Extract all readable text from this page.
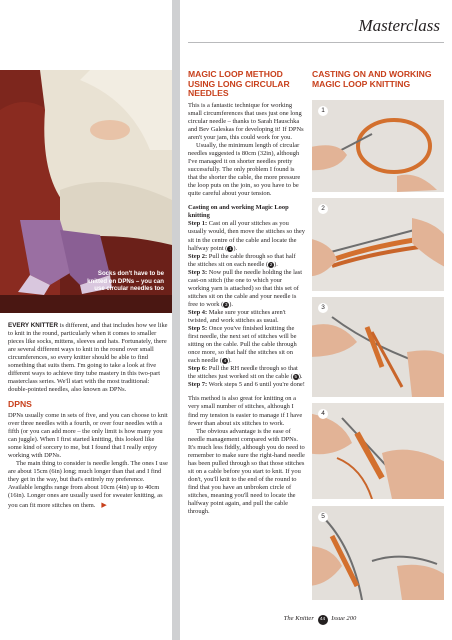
Masterclass
Socks don't have to be knitted on DPNs – you can use circular needles too

EVERY KNITTER is different, and that includes how we like to knit in the round, particularly when it comes to smaller pieces like socks, mittens, sleeves and hats. Fortunately, there are several different ways to knit in the round over small circumferences, so every knitter should be able to find something that suits them. I'm going to take a look at five different ways to achieve tiny tube mastery in this two-part masterclass series. We'll start with the most traditional: double-pointed needles, also known as DPNs.

DPNS

DPNs usually come in sets of five, and you can choose to knit over three needles with a fourth, or over four needles with a fifth (or you can add more – the only limit is how many you can juggle). When I first started knitting, this looked like some kind of sorcery to me, but I found that I really enjoy working with DPNs.

The main thing to consider is needle length. The ones I use are about 15cm (6in) long; much longer than that and I find they get in the way, but that's entirely my preference. Available lengths range from about 10cm (4in) up to 40cm (16in). Longer ones are usually used for sweater knitting, as you can fit more stitches on them. ▶

MAGIC LOOP METHOD USING LONG CIRCULAR NEEDLES

This is a fantastic technique for working small circumferences that uses just one long circular needle – thanks to Sarah Hauschka and Bev Galeskas for developing it! If DPNs aren't your jam, this could work for you.

Usually, the minimum length of circular needles suggested is 80cm (32in), although I've managed it on shorter needles pretty successfully. The only problem I found is that the shorter the cable, the more pressure the loop puts on the join, so you have to be quite careful about your tension.

Casting on and working Magic Loop knitting

Step 1: Cast on all your stitches as you usually would, then move the stitches so they sit in the centre of the cable and locate the halfway point ( 1 ).

Step 2: Pull the cable through so that half the stitches sit on each needle ( 2 ).

Step 3: Now pull the needle holding the last cast-on stitch (the one to which your working yarn is attached) so that this set of stitches sit on the cable and your needle is free to work ( 3 ).

Step 4: Make sure your stitches aren't twisted, and work stitches as usual.

Step 5: Once you've finished knitting the first needle, the next set of stitches will be sitting on the cable. Pull the cable through once more, so that half the stitches sit on each needle ( 4 ).

Step 6: Pull the RH needle through so that the stitches just worked sit on the cable ( 5 ).

Step 7: Work steps 5 and 6 until you're done!

This method is also great for knitting on a very small number of stitches, although I find my tension is easier to manage if I have fewer than about six stitches to work.

The obvious advantage is the ease of needle management compared with DPNs. It's much less fiddly, although you do need to remember to make sure the right-hand needle has been pulled through so that those stitches sit on a cable before you start to knit. If you don't, you'll knit to the end of the round to find that you have an unbroken circle of stitches, meaning you'll need to locate the halfway point again, and pull the cable through.

CASTING ON AND WORKING MAGIC LOOP KNITTING
1
2
3
4
5
The Knitter 44 Issue 200
